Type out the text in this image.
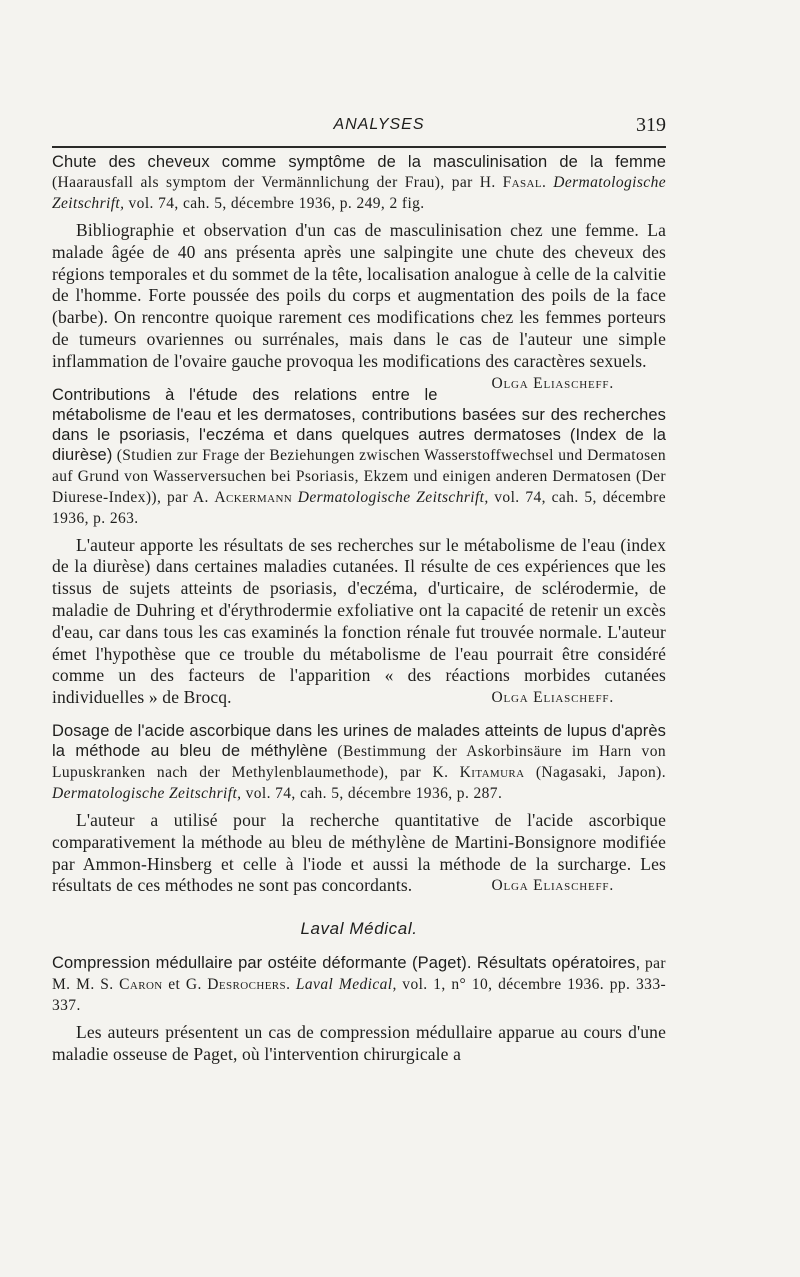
ANALYSES	319

Chute des cheveux comme symptôme de la masculinisation de la femme (Haarausfall als symptom der Vermännlichung der Frau), par H. Fasal. Dermatologische Zeitschrift, vol. 74, cah. 5, décembre 1936, p. 249, 2 fig.

Bibliographie et observation d'un cas de masculinisation chez une femme. La malade âgée de 40 ans présenta après une salpingite une chute des cheveux des régions temporales et du sommet de la tête, localisation analogue à celle de la calvitie de l'homme. Forte poussée des poils du corps et augmentation des poils de la face (barbe). On rencontre quoique rarement ces modifications chez les femmes porteurs de tumeurs ovariennes ou surrénales, mais dans le cas de l'auteur une simple inflammation de l'ovaire gauche provoqua les modifications des caractères sexuels.
Olga Eliascheff.

Contributions à l'étude des relations entre le métabolisme de l'eau et les dermatoses, contributions basées sur des recherches dans le psoriasis, l'eczéma et dans quelques autres dermatoses (Index de la diurèse) (Studien zur Frage der Beziehungen zwischen Wasserstoffwechsel und Dermatosen auf Grund von Wasserversuchen bei Psoriasis, Ekzem und einigen anderen Dermatosen (Der Diurese-Index)), par A. Ackermann Dermatologische Zeitschrift, vol. 74, cah. 5, décembre 1936, p. 263.

L'auteur apporte les résultats de ses recherches sur le métabolisme de l'eau (index de la diurèse) dans certaines maladies cutanées. Il résulte de ces expériences que les tissus de sujets atteints de psoriasis, d'eczéma, d'urticaire, de sclérodermie, de maladie de Duhring et d'érythrodermie exfoliative ont la capacité de retenir un excès d'eau, car dans tous les cas examinés la fonction rénale fut trouvée normale. L'auteur émet l'hypothèse que ce trouble du métabolisme de l'eau pourrait être considéré comme un des facteurs de l'apparition « des réactions morbides cutanées individuelles » de Brocq.	Olga Eliascheff.

Dosage de l'acide ascorbique dans les urines de malades atteints de lupus d'après la méthode au bleu de méthylène (Bestimmung der Askorbinsäure im Harn von Lupuskranken nach der Methylenblaumethode), par K. Kitamura (Nagasaki, Japon). Dermatologische Zeitschrift, vol. 74, cah. 5, décembre 1936, p. 287.

L'auteur a utilisé pour la recherche quantitative de l'acide ascorbique comparativement la méthode au bleu de méthylène de Martini-Bonsignore modifiée par Ammon-Hinsberg et celle à l'iode et aussi la méthode de la surcharge. Les résultats de ces méthodes ne sont pas concordants.	Olga Eliascheff.

Laval Médical.

Compression médullaire par ostéite déformante (Paget). Résultats opératoires, par M. M. S. Caron et G. Desrochers. Laval Medical, vol. 1, n° 10, décembre 1936. pp. 333-337.

Les auteurs présentent un cas de compression médullaire apparue au cours d'une maladie osseuse de Paget, où l'intervention chirurgicale a
